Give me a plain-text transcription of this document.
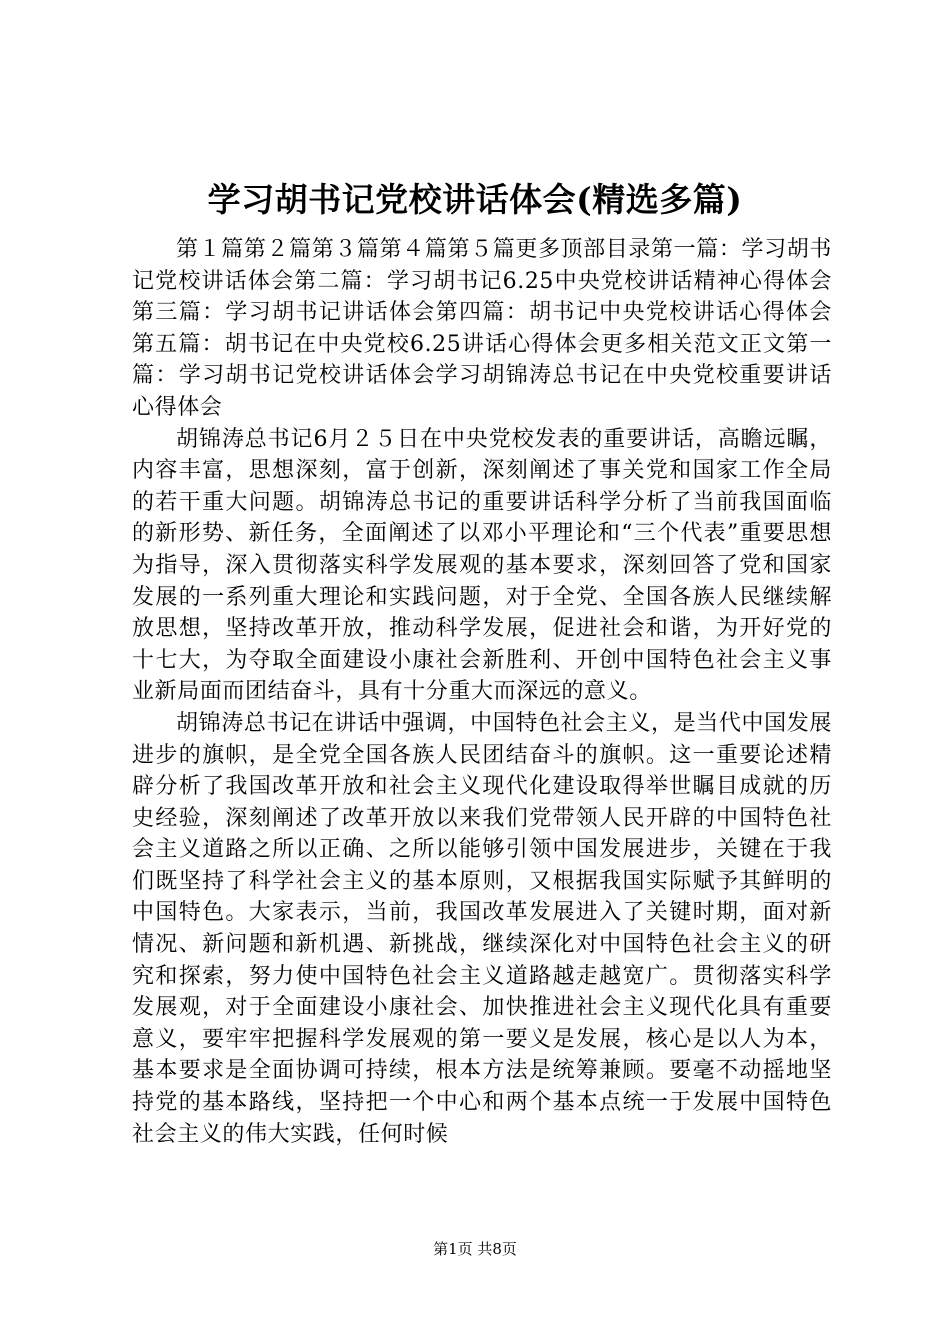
学习胡书记党校讲话体会(精选多篇)

第１篇第２篇第３篇第４篇第５篇更多顶部目录第一篇：学习胡书记党校讲话体会第二篇：学习胡书记6.25中央党校讲话精神心得体会第三篇：学习胡书记讲话体会第四篇：胡书记中央党校讲话心得体会第五篇：胡书记在中央党校6.25讲话心得体会更多相关范文正文第一篇：学习胡书记党校讲话体会学习胡锦涛总书记在中央党校重要讲话心得体会

胡锦涛总书记6月２５日在中央党校发表的重要讲话，高瞻远瞩，内容丰富，思想深刻，富于创新，深刻阐述了事关党和国家工作全局的若干重大问题。胡锦涛总书记的重要讲话科学分析了当前我国面临的新形势、新任务，全面阐述了以邓小平理论和“三个代表”重要思想为指导，深入贯彻落实科学发展观的基本要求，深刻回答了党和国家发展的一系列重大理论和实践问题，对于全党、全国各族人民继续解放思想，坚持改革开放，推动科学发展，促进社会和谐，为开好党的十七大，为夺取全面建设小康社会新胜利、开创中国特色社会主义事业新局面而团结奋斗，具有十分重大而深远的意义。

胡锦涛总书记在讲话中强调，中国特色社会主义，是当代中国发展进步的旗帜，是全党全国各族人民团结奋斗的旗帜。这一重要论述精辟分析了我国改革开放和社会主义现代化建设取得举世瞩目成就的历史经验，深刻阐述了改革开放以来我们党带领人民开辟的中国特色社会主义道路之所以正确、之所以能够引领中国发展进步，关键在于我们既坚持了科学社会主义的基本原则，又根据我国实际赋予其鲜明的中国特色。大家表示，当前，我国改革发展进入了关键时期，面对新情况、新问题和新机遇、新挑战，继续深化对中国特色社会主义的研究和探索，努力使中国特色社会主义道路越走越宽广。贯彻落实科学发展观，对于全面建设小康社会、加快推进社会主义现代化具有重要意义，要牢牢把握科学发展观的第一要义是发展，核心是以人为本，基本要求是全面协调可持续，根本方法是统筹兼顾。要毫不动摇地坚持党的基本路线，坚持把一个中心和两个基本点统一于发展中国特色社会主义的伟大实践，任何时候

第1页 共8页
